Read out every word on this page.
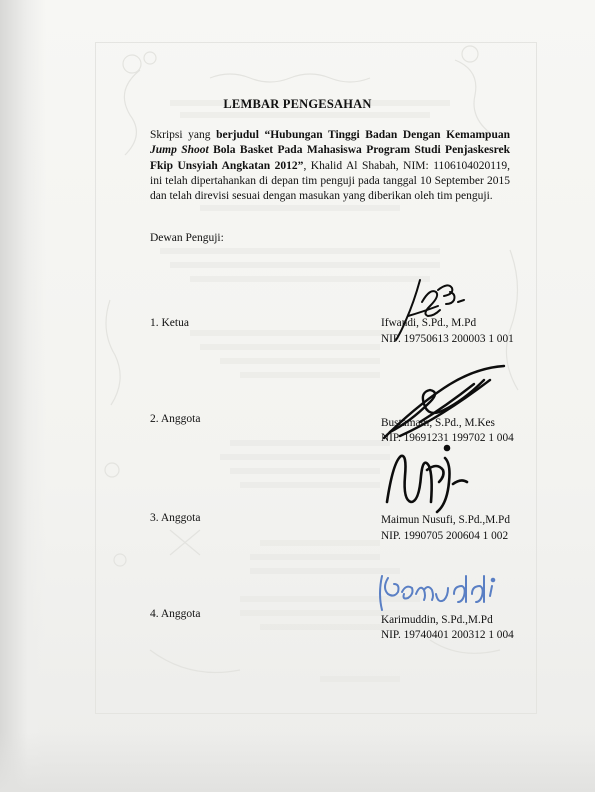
LEMBAR PENGESAHAN
Skripsi yang berjudul “Hubungan Tinggi Badan Dengan Kemampuan Jump Shoot Bola Basket Pada Mahasiswa Program Studi Penjaskesrek Fkip Unsyiah Angkatan 2012”, Khalid Al Shabah, NIM: 1106104020119, ini telah dipertahankan di depan tim penguji pada tanggal 10 September 2015 dan telah direvisi sesuai dengan masukan yang diberikan oleh tim penguji.
Dewan Penguji:
1. Ketua	Ifwandi, S.Pd., M.Pd
NIP. 19750613 200003 1 001
2. Anggota	Bustamam, S.Pd., M.Kes
NIP. 19691231 199702 1 004
3. Anggota	Maimun Nusufi, S.Pd.,M.Pd
NIP. 1990705 200604 1 002
4. Anggota	Karimuddin, S.Pd.,M.Pd
NIP. 19740401 200312 1 004
